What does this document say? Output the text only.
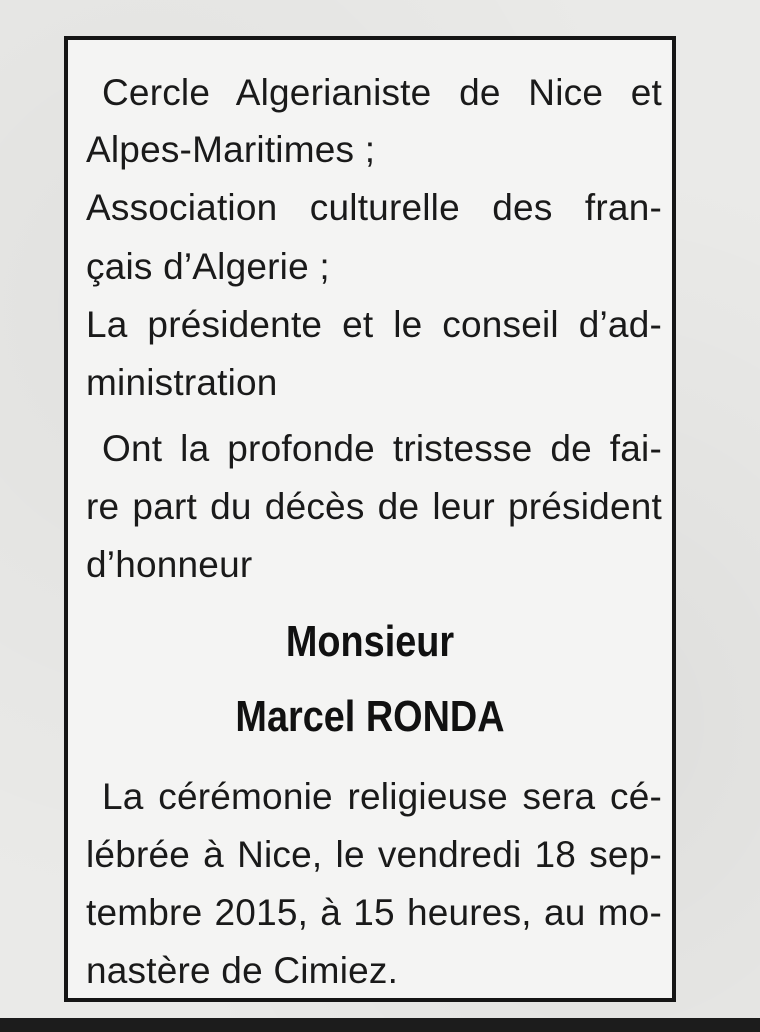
Cercle Algerianiste de Nice et
Alpes-Maritimes ;
Association culturelle des fran-
çais d’Algerie ;
La présidente et le conseil d’ad-
ministration
Ont la profonde tristesse de fai-
re part du décès de leur président
d’honneur
Monsieur
Marcel RONDA
La cérémonie religieuse sera cé-
lébrée à Nice, le vendredi 18 sep-
tembre 2015, à 15 heures, au mo-
nastère de Cimiez.
